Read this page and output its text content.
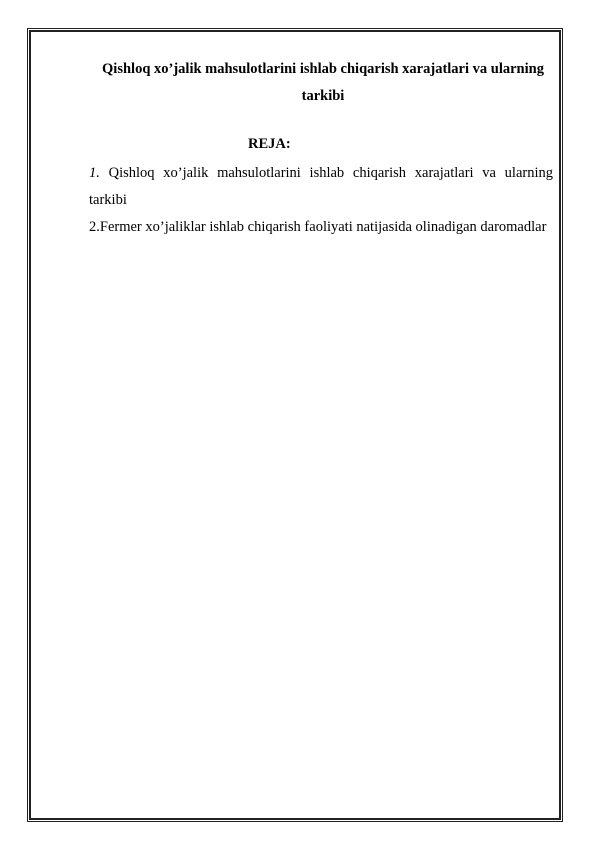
Qishloq xo’jalik mahsulotlarini ishlab chiqarish xarajatlari va ularning tarkibi
REJA:

1. Qishloq xo’jalik mahsulotlarini ishlab chiqarish xarajatlari va ularning tarkibi

2.Fermer xo’jaliklar ishlab chiqarish faoliyati natijasida olinadigan daromadlar
